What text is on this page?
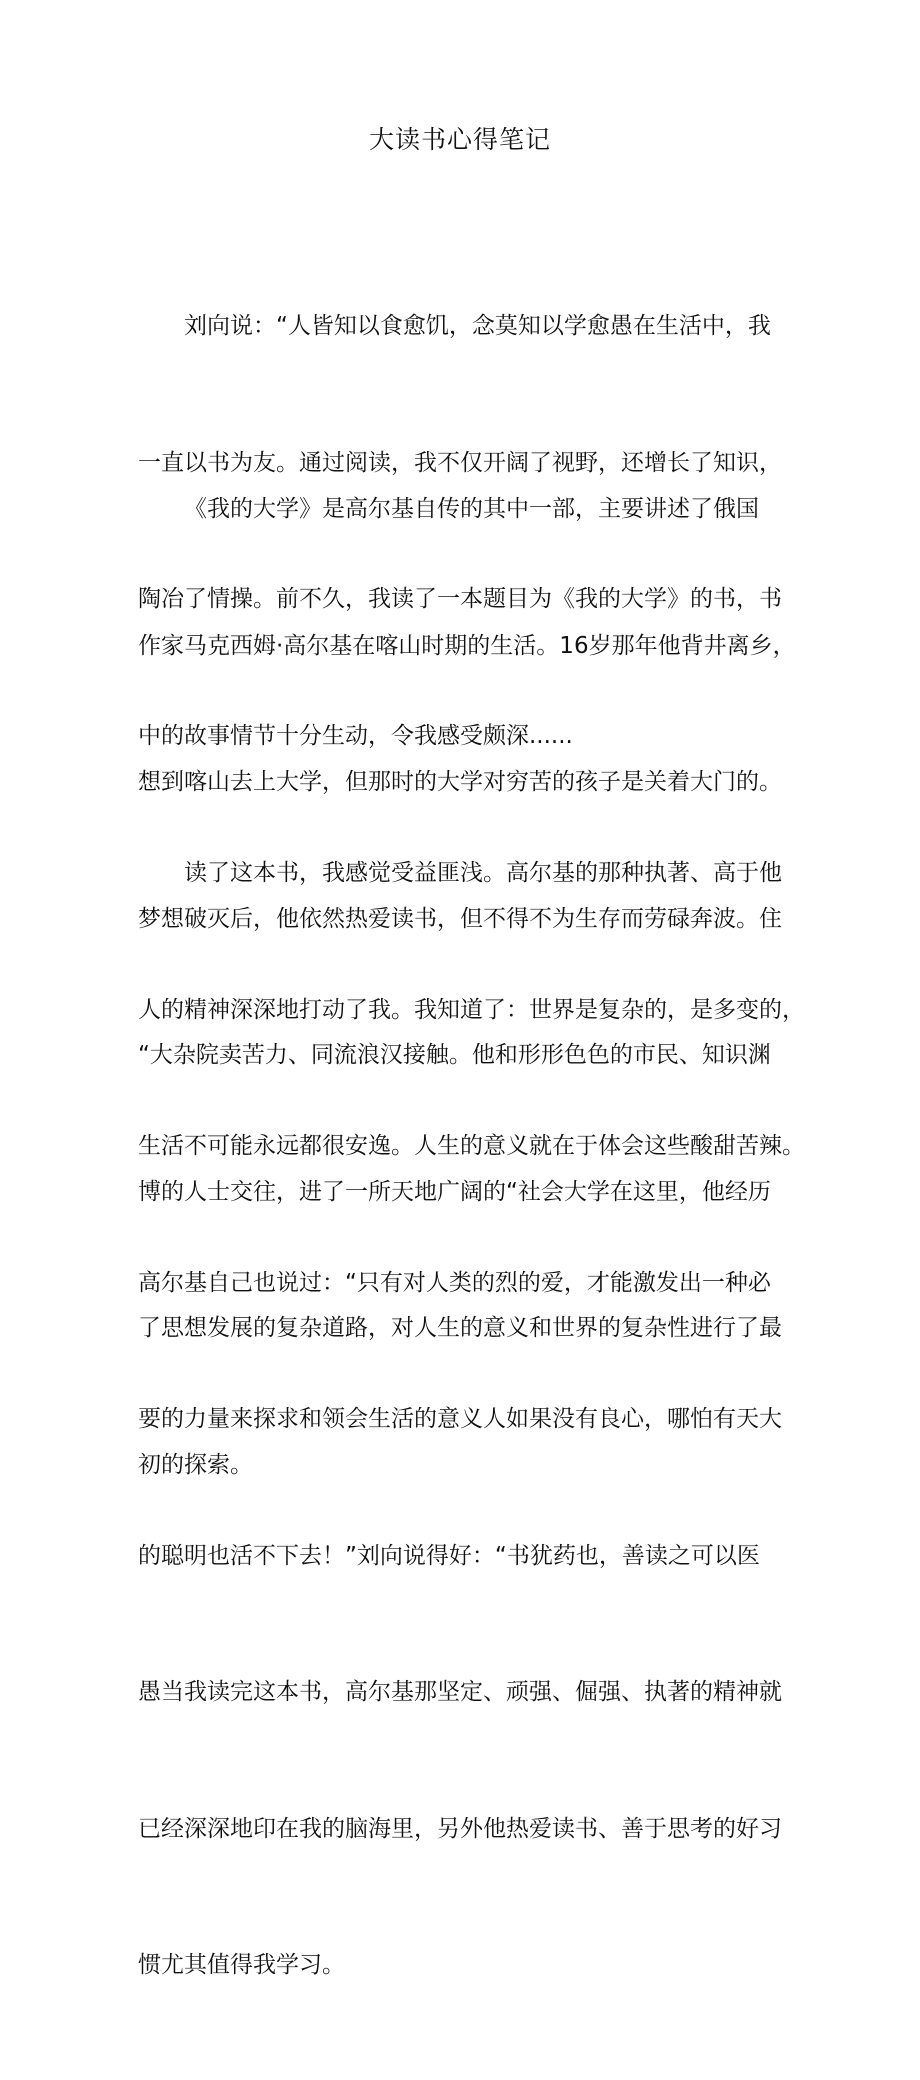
大读书心得笔记

刘向说：“人皆知以食愈饥，念莫知以学愈愚在生活中，我

一直以书为友。通过阅读，我不仅开阔了视野，还增长了知识，

陶冶了情操。前不久，我读了一本题目为《我的大学》的书，书

中的故事情节十分生动，令我感受颇深......

《我的大学》是高尔基自传的其中一部，主要讲述了俄国

作家马克西姆·高尔基在喀山时期的生活。16岁那年他背井离乡，

想到喀山去上大学，但那时的大学对穷苦的孩子是关着大门的。

梦想破灭后，他依然热爱读书，但不得不为生存而劳碌奔波。住

“大杂院卖苦力、同流浪汉接触。他和形形色色的市民、知识渊

博的人士交往，进了一所天地广阔的“社会大学在这里，他经历

了思想发展的复杂道路，对人生的意义和世界的复杂性进行了最

初的探索。

读了这本书，我感觉受益匪浅。高尔基的那种执著、高于他

人的精神深深地打动了我。我知道了：世界是复杂的，是多变的，

生活不可能永远都很安逸。人生的意义就在于体会这些酸甜苦辣。

高尔基自己也说过：“只有对人类的烈的爱，才能激发出一种必

要的力量来探求和领会生活的意义人如果没有良心，哪怕有天大

的聪明也活不下去！”刘向说得好：“书犹药也，善读之可以医

愚当我读完这本书，高尔基那坚定、顽强、倔强、执著的精神就

已经深深地印在我的脑海里，另外他热爱读书、善于思考的好习

惯尤其值得我学习。
